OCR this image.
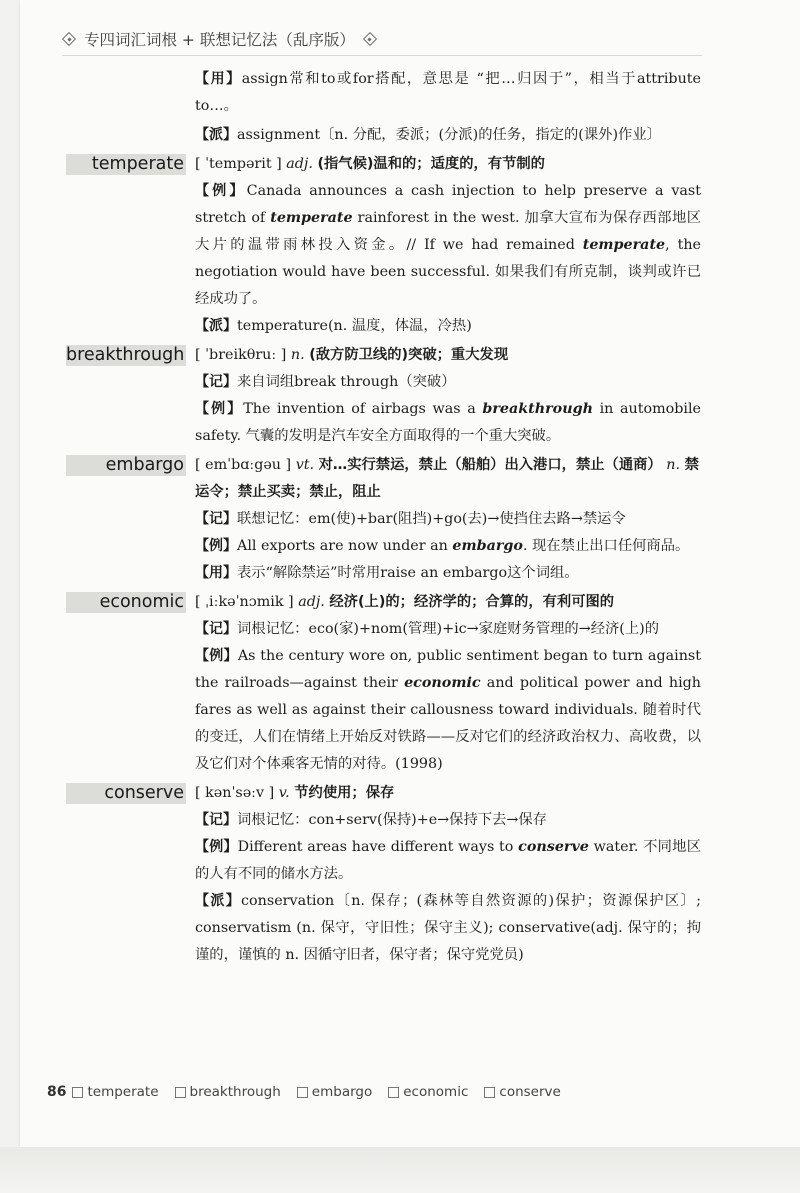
专四词汇词根 + 联想记忆法（乱序版）
【用】assign常和to或for搭配，意思是 “把…归因于”，相当于attribute to…。
【派】assignment〔n. 分配，委派；(分派)的任务，指定的(课外)作业〕
temperate [ ˈtempərit ] adj. (指气候)温和的；适度的，有节制的
【例】Canada announces a cash injection to help preserve a vast stretch of temperate rainforest in the west. 加拿大宣布为保存西部地区大片的温带雨林投入资金。// If we had remained temperate, the negotiation would have been successful. 如果我们有所克制，谈判或许已经成功了。
【派】temperature(n. 温度，体温，冷热)
breakthrough [ ˈbreikθruː ] n. (敌方防卫线的)突破；重大发现
【记】来自词组break through（突破）
【例】The invention of airbags was a breakthrough in automobile safety. 气囊的发明是汽车安全方面取得的一个重大突破。
embargo [ emˈbɑːgəu ] vt. 对…实行禁运，禁止（船舶）出入港口，禁止（通商） n. 禁运令；禁止买卖；禁止，阻止
【记】联想记忆：em(使)+bar(阻挡)+go(去)→使挡住去路→禁运令
【例】All exports are now under an embargo. 现在禁止出口任何商品。
【用】表示“解除禁运”时常用raise an embargo这个词组。
economic [ ˌiːkəˈnɔmik ] adj. 经济(上)的；经济学的；合算的，有利可图的
【记】词根记忆：eco(家)+nom(管理)+ic→家庭财务管理的→经济(上)的
【例】As the century wore on, public sentiment began to turn against the railroads—against their economic and political power and high fares as well as against their callousness toward individuals. 随着时代的变迁，人们在情绪上开始反对铁路——反对它们的经济政治权力、高收费，以及它们对个体乘客无情的对待。(1998)
conserve [ kənˈsəːv ] v. 节约使用；保存
【记】词根记忆：con+serv(保持)+e→保持下去→保存
【例】Different areas have different ways to conserve water. 不同地区的人有不同的储水方法。
【派】conservation〔n. 保存；(森林等自然资源的)保护；资源保护区〕; conservatism (n. 保守，守旧性；保守主义); conservative(adj. 保守的；拘谨的，谨慎的 n. 因循守旧者，保守者；保守党党员)
86 temperate breakthrough embargo economic conserve
